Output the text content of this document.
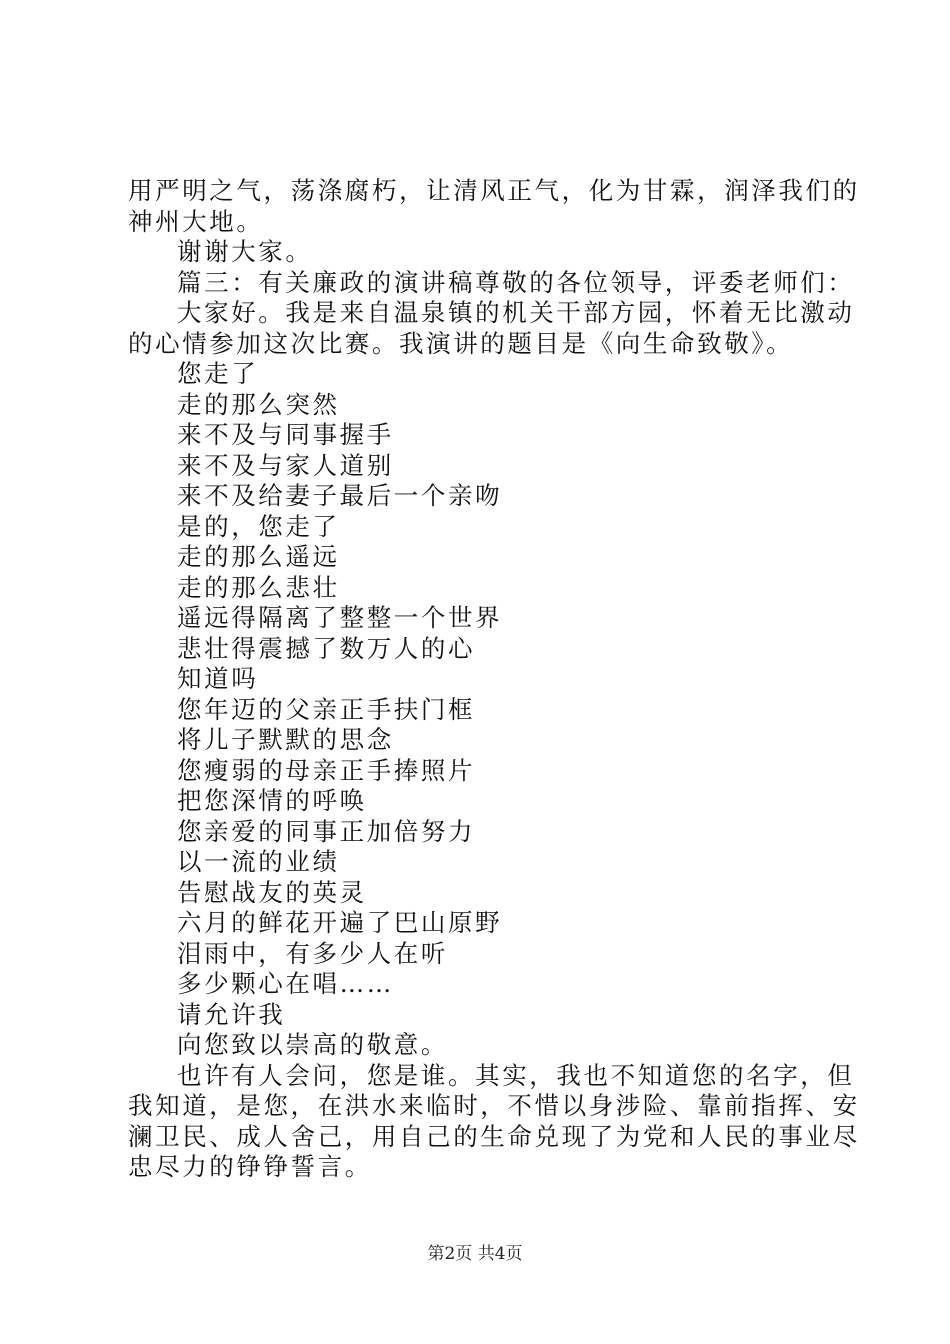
用严明之气，荡涤腐朽，让清风正气，化为甘霖，润泽我们的
神州大地。
谢谢大家。
篇三：有关廉政的演讲稿尊敬的各位领导，评委老师们：
大家好。我是来自温泉镇的机关干部方园，怀着无比激动
的心情参加这次比赛。我演讲的题目是《向生命致敬》。
您走了
走的那么突然
来不及与同事握手
来不及与家人道别
来不及给妻子最后一个亲吻
是的，您走了
走的那么遥远
走的那么悲壮
遥远得隔离了整整一个世界
悲壮得震撼了数万人的心
知道吗
您年迈的父亲正手扶门框
将儿子默默的思念
您瘦弱的母亲正手捧照片
把您深情的呼唤
您亲爱的同事正加倍努力
以一流的业绩
告慰战友的英灵
六月的鲜花开遍了巴山原野
泪雨中，有多少人在听
多少颗心在唱……
请允许我
向您致以崇高的敬意。
也许有人会问，您是谁。其实，我也不知道您的名字，但
我知道，是您，在洪水来临时，不惜以身涉险、靠前指挥、安
澜卫民、成人舍己，用自己的生命兑现了为党和人民的事业尽
忠尽力的铮铮誓言。
第2页 共4页
